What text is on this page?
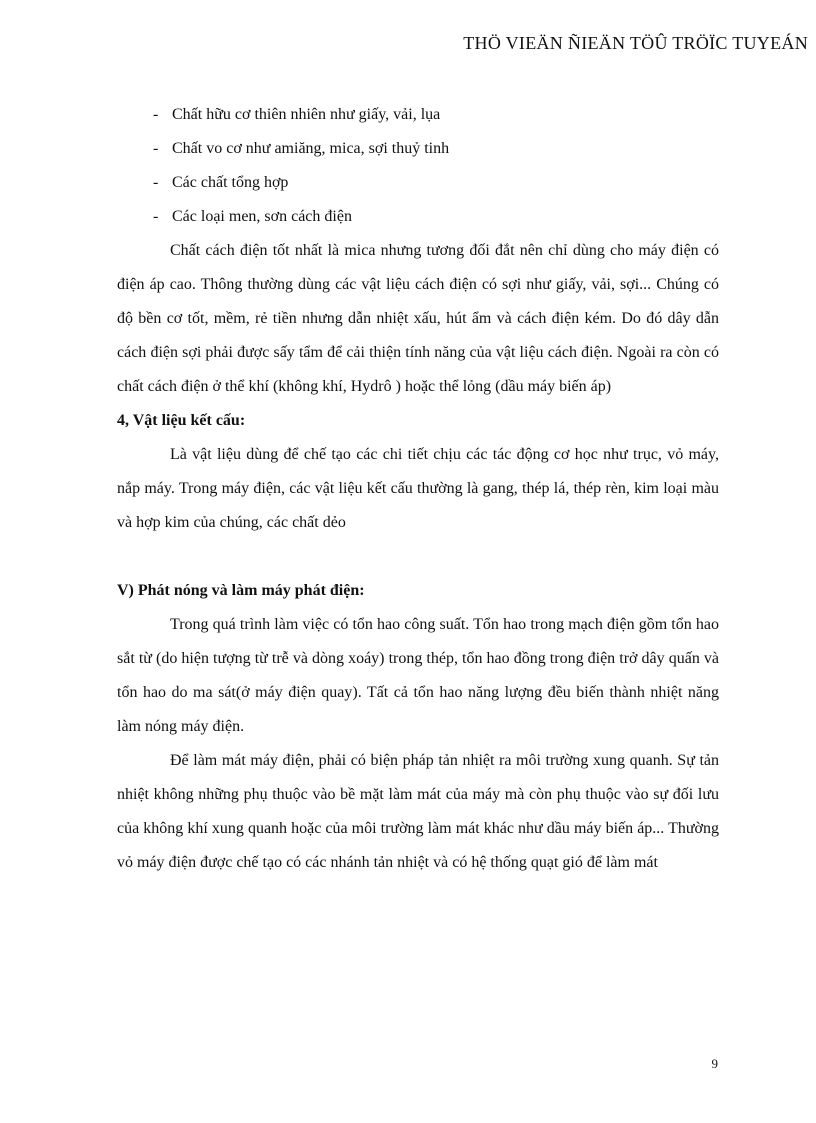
THÖ VIEÄN ÑIEÄN TÖÛ TRÖÏC TUYEÁN
- Chất hữu cơ thiên nhiên như giấy, vải, lụa
- Chất vo cơ như amiăng, mica, sợi thuỷ tinh
- Các chất tổng hợp
- Các loại men, sơn cách điện

Chất cách điện tốt nhất là mica nhưng tương đối đắt nên chỉ dùng cho máy điện có điện áp cao. Thông thường dùng các vật liệu cách điện có sợi như giấy, vải, sợi... Chúng có độ bền cơ tốt, mềm, rẻ tiền nhưng dẫn nhiệt xấu, hút ẩm và cách điện kém. Do đó dây dẫn cách điện sợi phải được sấy tẩm để cải thiện tính năng của vật liệu cách điện. Ngoài ra còn có chất cách điện ở thể khí (không khí, Hydrô ) hoặc thể lỏng (dầu máy biến áp)

4, Vật liệu kết cấu:

Là vật liệu dùng để chế tạo các chi tiết chịu các tác động cơ học như trục, vỏ máy, nắp máy. Trong máy điện, các vật liệu kết cấu thường là gang, thép lá, thép rèn, kim loại màu và hợp kim của chúng, các chất dẻo

V) Phát nóng và làm máy phát điện:

Trong quá trình làm việc có tổn hao công suất. Tổn hao trong mạch điện gồm tổn hao sắt từ (do hiện tượng từ trễ và dòng xoáy) trong thép, tổn hao đồng trong điện trở dây quấn và tổn hao do ma sát(ở máy điện quay). Tất cả tổn hao năng lượng đều biến thành nhiệt năng làm nóng máy điện.

Để làm mát máy điện, phải có biện pháp tản nhiệt ra môi trường xung quanh. Sự tản nhiệt không những phụ thuộc vào bề mặt làm mát của máy mà còn phụ thuộc vào sự đối lưu của không khí xung quanh hoặc của môi trường làm mát khác như dầu máy biến áp... Thường vỏ máy điện được chế tạo có các nhánh tản nhiệt và có hệ thống quạt gió để làm mát

9
